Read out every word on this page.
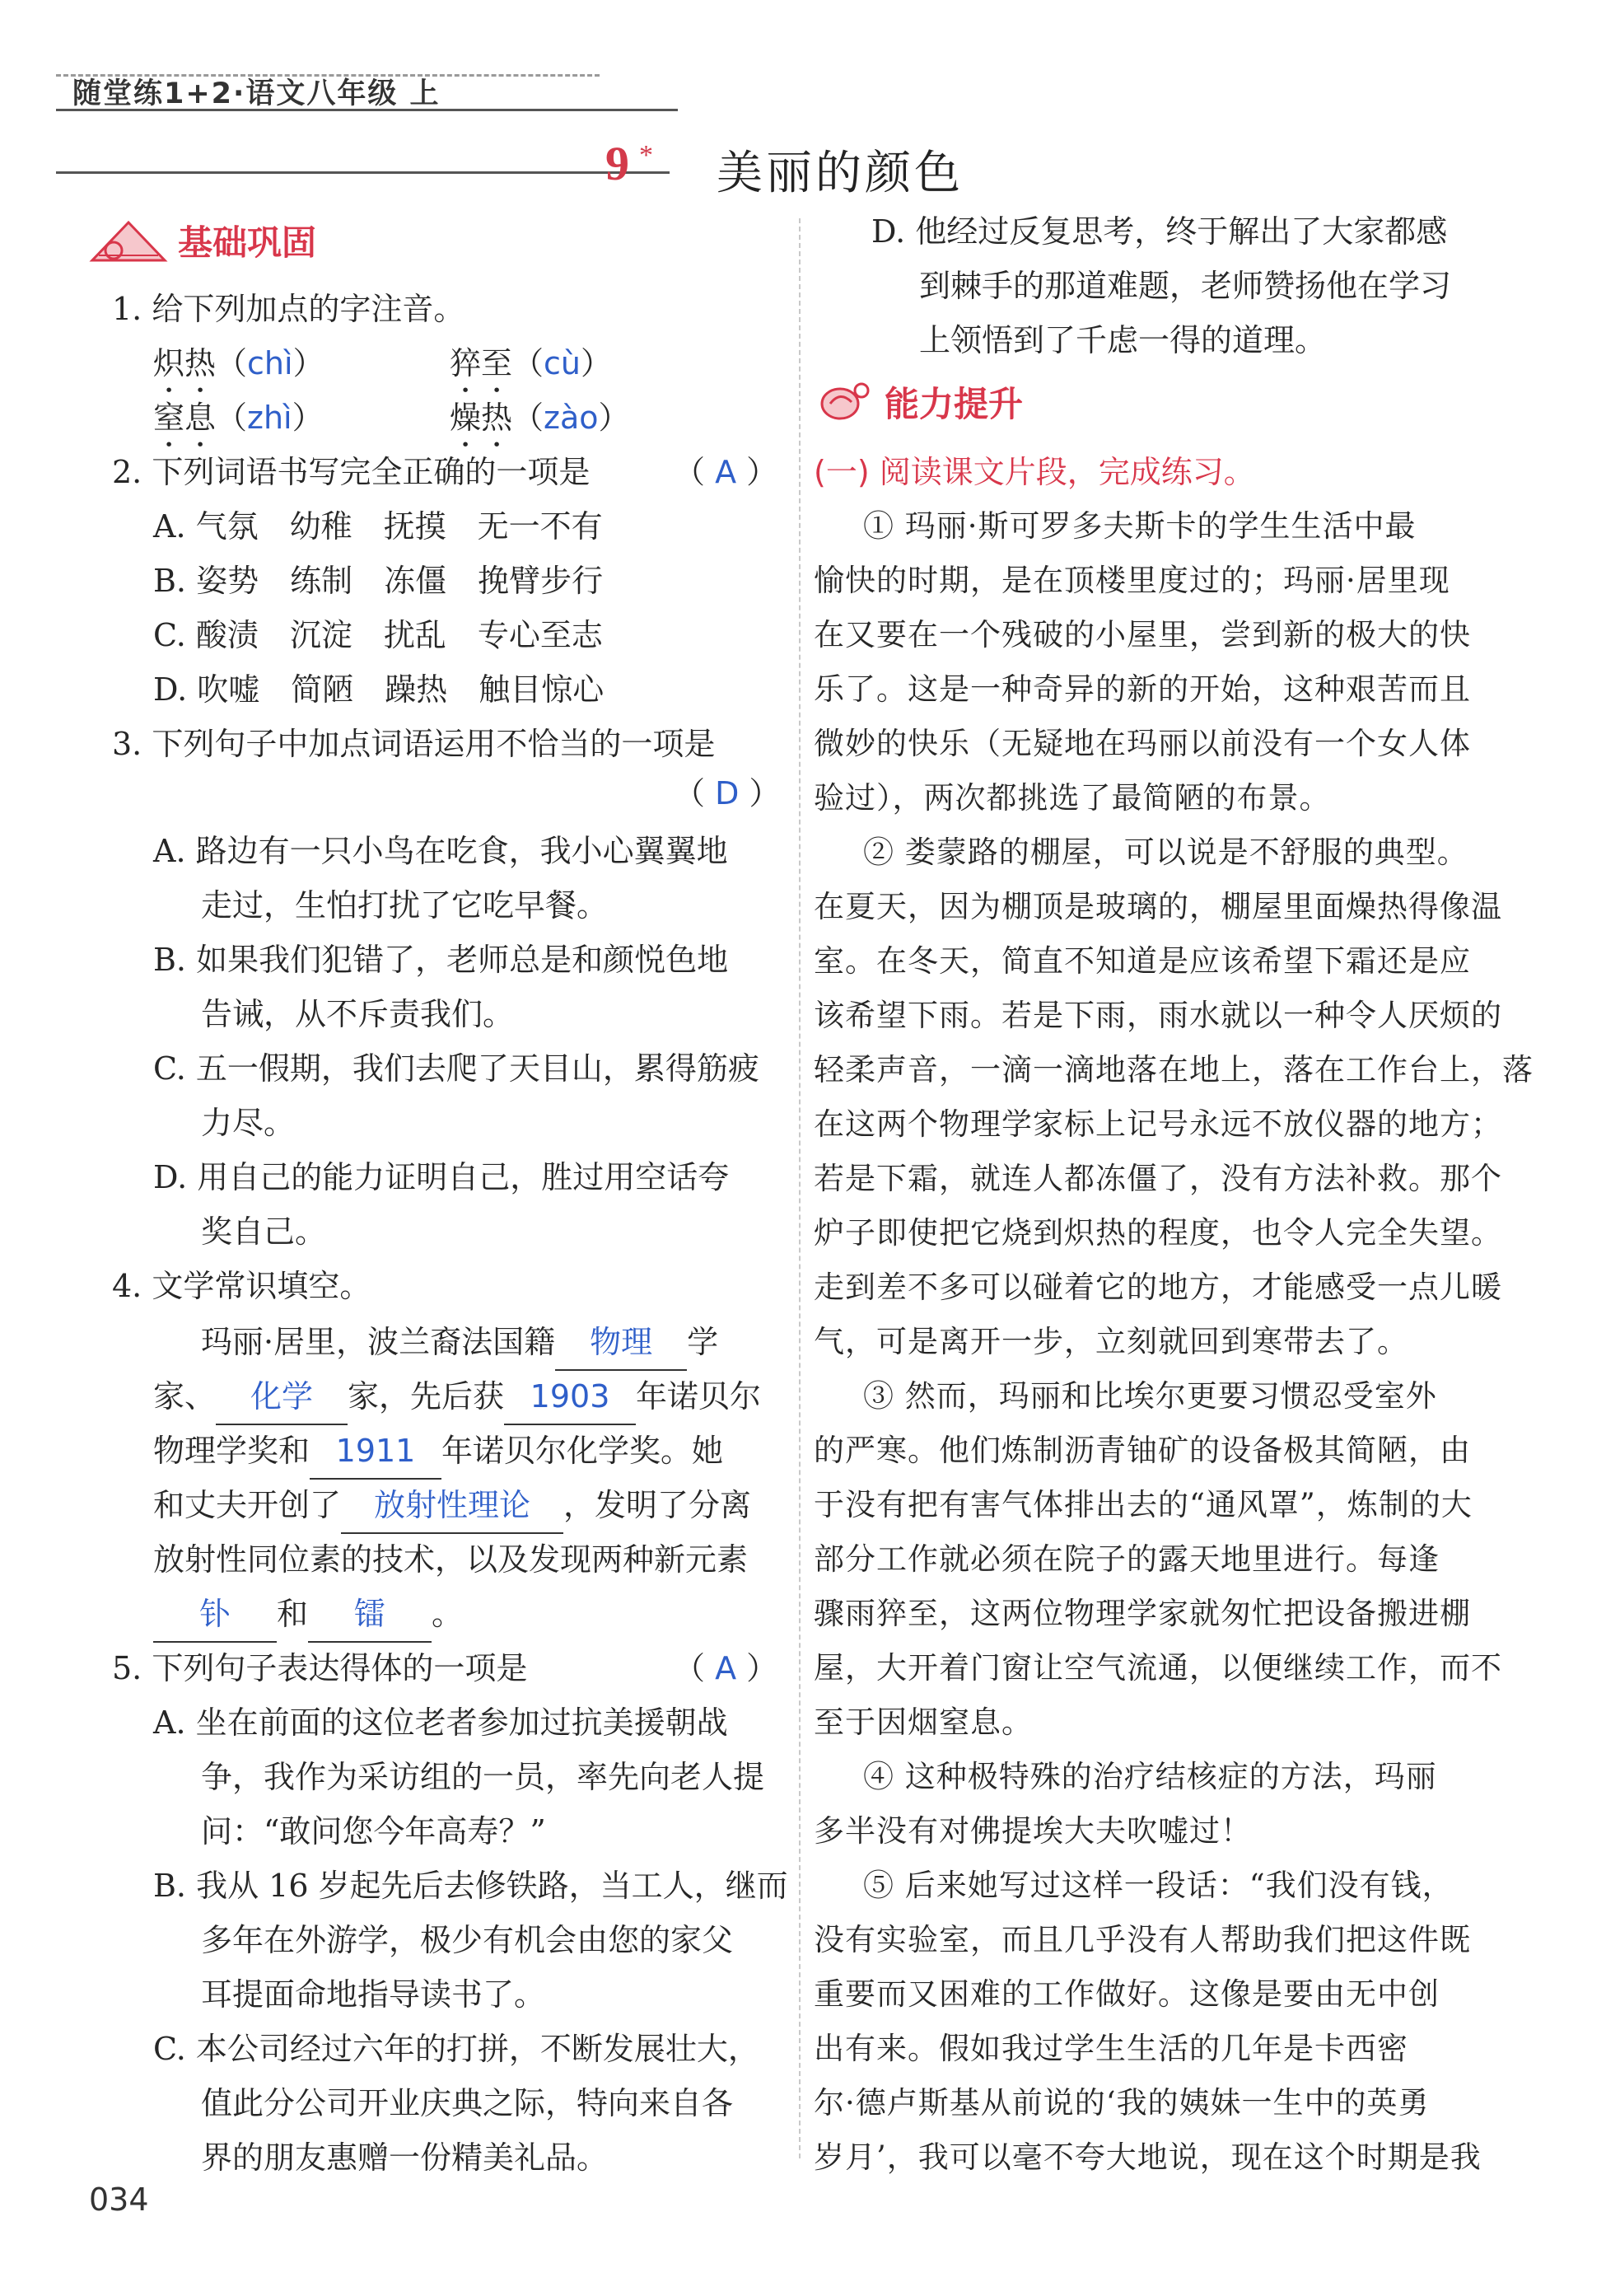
随堂练1+2·语文八年级 上
9 * 美丽的颜色
基础巩固
1. 给下列加点的字注音。
炽热（chì）	猝至（cù）
窒息（zhì）	燥热（zào）
2. 下列词语书写完全正确的一项是	（ A ）
A. 气氛　幼稚　抚摸　无一不有
B. 姿势　练制　冻僵　挽臂步行
C. 酸渍　沉淀　扰乱　专心至志
D. 吹嘘　简陋　躁热　触目惊心
3. 下列句子中加点词语运用不恰当的一项是
（ D ）
A. 路边有一只小鸟在吃食，我小心翼翼地
走过，生怕打扰了它吃早餐。
B. 如果我们犯错了，老师总是和颜悦色地
告诫，从不斥责我们。
C. 五一假期，我们去爬了天目山，累得筋疲
力尽。
D. 用自己的能力证明自己，胜过用空话夸
奖自己。
4. 文学常识填空。
玛丽·居里，波兰裔法国籍 物理 学
家、 化学 家，先后获 1903 年诺贝尔
物理学奖和 1911 年诺贝尔化学奖。她
和丈夫开创了 放射性理论 ，发明了分离
放射性同位素的技术，以及发现两种新元素
钋 和 镭 。
5. 下列句子表达得体的一项是	（ A ）
A. 坐在前面的这位老者参加过抗美援朝战
争，我作为采访组的一员，率先向老人提
问：“敢问您今年高寿？”
B. 我从 16 岁起先后去修铁路，当工人，继而
多年在外游学，极少有机会由您的家父
耳提面命地指导读书了。
C. 本公司经过六年的打拼，不断发展壮大，
值此分公司开业庆典之际，特向来自各
界的朋友惠赠一份精美礼品。
D. 他经过反复思考，终于解出了大家都感
到棘手的那道难题，老师赞扬他在学习
上领悟到了千虑一得的道理。
能力提升
(一) 阅读课文片段，完成练习。
① 玛丽·斯可罗多夫斯卡的学生生活中最
愉快的时期，是在顶楼里度过的；玛丽·居里现
在又要在一个残破的小屋里，尝到新的极大的快
乐了。这是一种奇异的新的开始，这种艰苦而且
微妙的快乐（无疑地在玛丽以前没有一个女人体
验过），两次都挑选了最简陋的布景。
② 娄蒙路的棚屋，可以说是不舒服的典型。
在夏天，因为棚顶是玻璃的，棚屋里面燥热得像温
室。在冬天，简直不知道是应该希望下霜还是应
该希望下雨。若是下雨，雨水就以一种令人厌烦的
轻柔声音，一滴一滴地落在地上，落在工作台上，落
在这两个物理学家标上记号永远不放仪器的地方；
若是下霜，就连人都冻僵了，没有方法补救。那个
炉子即使把它烧到炽热的程度，也令人完全失望。
走到差不多可以碰着它的地方，才能感受一点儿暖
气，可是离开一步，立刻就回到寒带去了。
③ 然而，玛丽和比埃尔更要习惯忍受室外
的严寒。他们炼制沥青铀矿的设备极其简陋，由
于没有把有害气体排出去的“通风罩”，炼制的大
部分工作就必须在院子的露天地里进行。每逢
骤雨猝至，这两位物理学家就匆忙把设备搬进棚
屋，大开着门窗让空气流通，以便继续工作，而不
至于因烟窒息。
④ 这种极特殊的治疗结核症的方法，玛丽
多半没有对佛提埃大夫吹嘘过！
⑤ 后来她写过这样一段话：“我们没有钱，
没有实验室，而且几乎没有人帮助我们把这件既
重要而又困难的工作做好。这像是要由无中创
出有来。假如我过学生生活的几年是卡西密
尔·德卢斯基从前说的‘我的姨妹一生中的英勇
岁月’，我可以毫不夸大地说，现在这个时期是我
034
